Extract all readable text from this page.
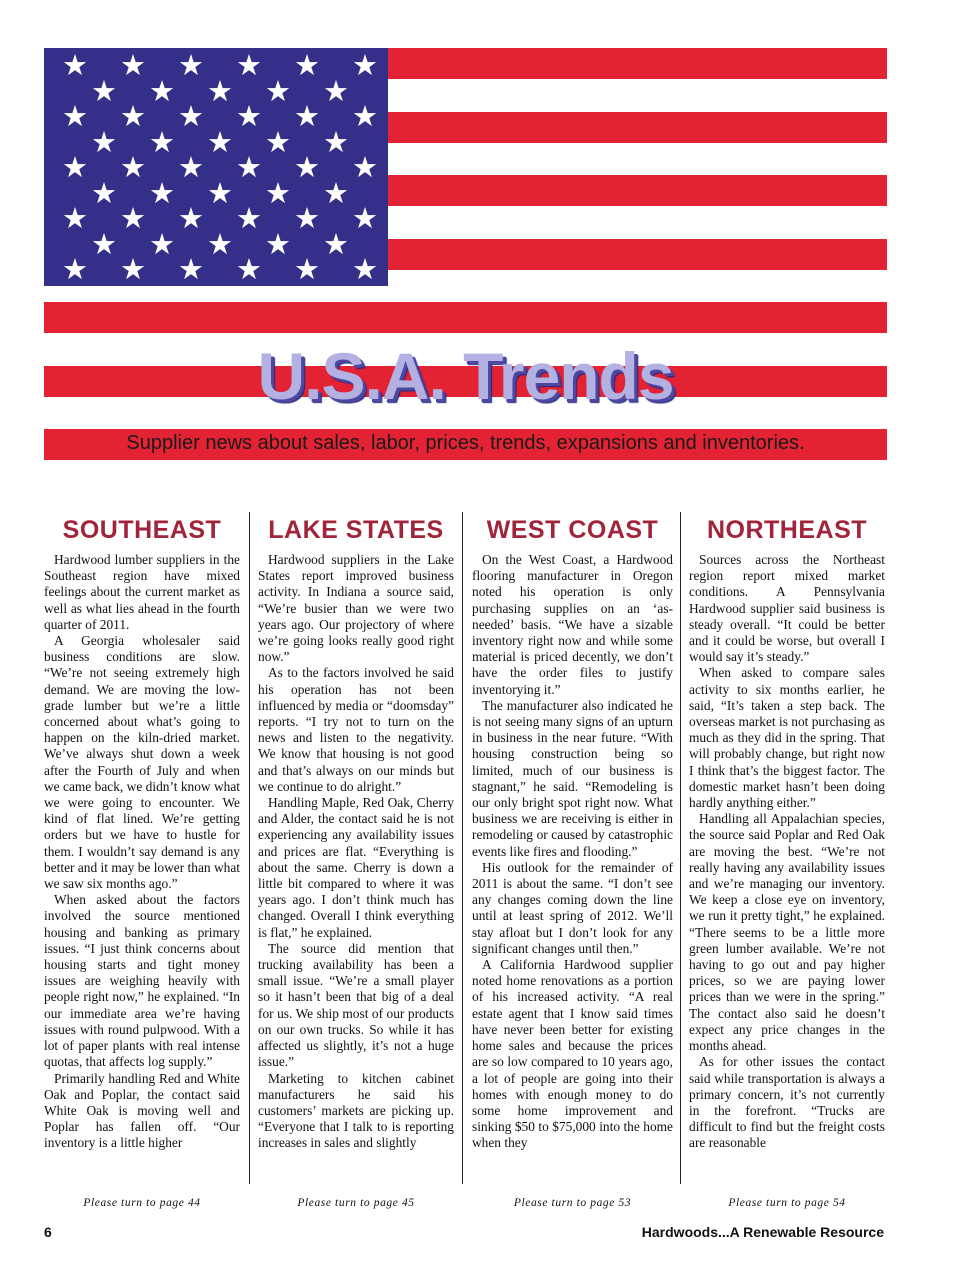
★ ★ ★ ★ ★ ★
★ ★ ★ ★ ★
★ ★ ★ ★ ★ ★
★ ★ ★ ★ ★
★ ★ ★ ★ ★ ★
★ ★ ★ ★ ★
★ ★ ★ ★ ★ ★
★ ★ ★ ★ ★
★ ★ ★ ★ ★ ★
U.S.A. Trends
Supplier news about sales, labor, prices, trends, expansions and inventories.
SOUTHEAST

Hardwood lumber suppliers in the Southeast region have mixed feelings about the current market as well as what lies ahead in the fourth quarter of 2011.

A Georgia wholesaler said business conditions are slow. “We’re not seeing extremely high demand. We are moving the low-grade lumber but we’re a little concerned about what’s going to happen on the kiln-dried market. We’ve always shut down a week after the Fourth of July and when we came back, we didn’t know what we were going to encounter. We kind of flat lined. We’re getting orders but we have to hustle for them. I wouldn’t say demand is any better and it may be lower than what we saw six months ago.”

When asked about the factors involved the source mentioned housing and banking as primary issues. “I just think concerns about housing starts and tight money issues are weighing heavily with people right now,” he explained. “In our immediate area we’re having issues with round pulpwood. With a lot of paper plants with real intense quotas, that affects log supply.”

Primarily handling Red and White Oak and Poplar, the contact said White Oak is moving well and Poplar has fallen off. “Our inventory is a little higher

LAKE STATES

Hardwood suppliers in the Lake States report improved business activity. In Indiana a source said, “We’re busier than we were two years ago. Our projectory of where we’re going looks really good right now.”

As to the factors involved he said his operation has not been influenced by media or “doomsday” reports. “I try not to turn on the news and listen to the negativity. We know that housing is not good and that’s always on our minds but we continue to do alright.”

Handling Maple, Red Oak, Cherry and Alder, the contact said he is not experiencing any availability issues and prices are flat. “Everything is about the same. Cherry is down a little bit compared to where it was years ago. I don’t think much has changed. Overall I think everything is flat,” he explained.

The source did mention that trucking availability has been a small issue. “We’re a small player so it hasn’t been that big of a deal for us. We ship most of our products on our own trucks. So while it has affected us slightly, it’s not a huge issue.”

Marketing to kitchen cabinet manufacturers he said his customers’ markets are picking up. “Everyone that I talk to is reporting increases in sales and slightly

WEST COAST

On the West Coast, a Hardwood flooring manufacturer in Oregon noted his operation is only purchasing supplies on an ‘as-needed’ basis. “We have a sizable inventory right now and while some material is priced decently, we don’t have the order files to justify inventorying it.”

The manufacturer also indicated he is not seeing many signs of an upturn in business in the near future. “With housing construction being so limited, much of our business is stagnant,” he said. “Remodeling is our only bright spot right now. What business we are receiving is either in remodeling or caused by catastrophic events like fires and flooding.”

His outlook for the remainder of 2011 is about the same. “I don’t see any changes coming down the line until at least spring of 2012. We’ll stay afloat but I don’t look for any significant changes until then.”

A California Hardwood supplier noted home renovations as a portion of his increased activity. “A real estate agent that I know said times have never been better for existing home sales and because the prices are so low compared to 10 years ago, a lot of people are going into their homes with enough money to do some home improvement and sinking $50 to $75,000 into the home when they

NORTHEAST

Sources across the Northeast region report mixed market conditions. A Pennsylvania Hardwood supplier said business is steady overall. “It could be better and it could be worse, but overall I would say it’s steady.”

When asked to compare sales activity to six months earlier, he said, “It’s taken a step back. The overseas market is not purchasing as much as they did in the spring. That will probably change, but right now I think that’s the biggest factor. The domestic market hasn’t been doing hardly anything either.”

Handling all Appalachian species, the source said Poplar and Red Oak are moving the best. “We’re not really having any availability issues and we’re managing our inventory. We keep a close eye on inventory, we run it pretty tight,” he explained. “There seems to be a little more green lumber available. We’re not having to go out and pay higher prices, so we are paying lower prices than we were in the spring.” The contact also said he doesn’t expect any price changes in the months ahead.

As for other issues the contact said while transportation is always a primary concern, it’s not currently in the forefront. “Trucks are difficult to find but the freight costs are reasonable

Please turn to page 44	Please turn to page 45	Please turn to page 53	Please turn to page 54
6	Hardwoods...A Renewable Resource
